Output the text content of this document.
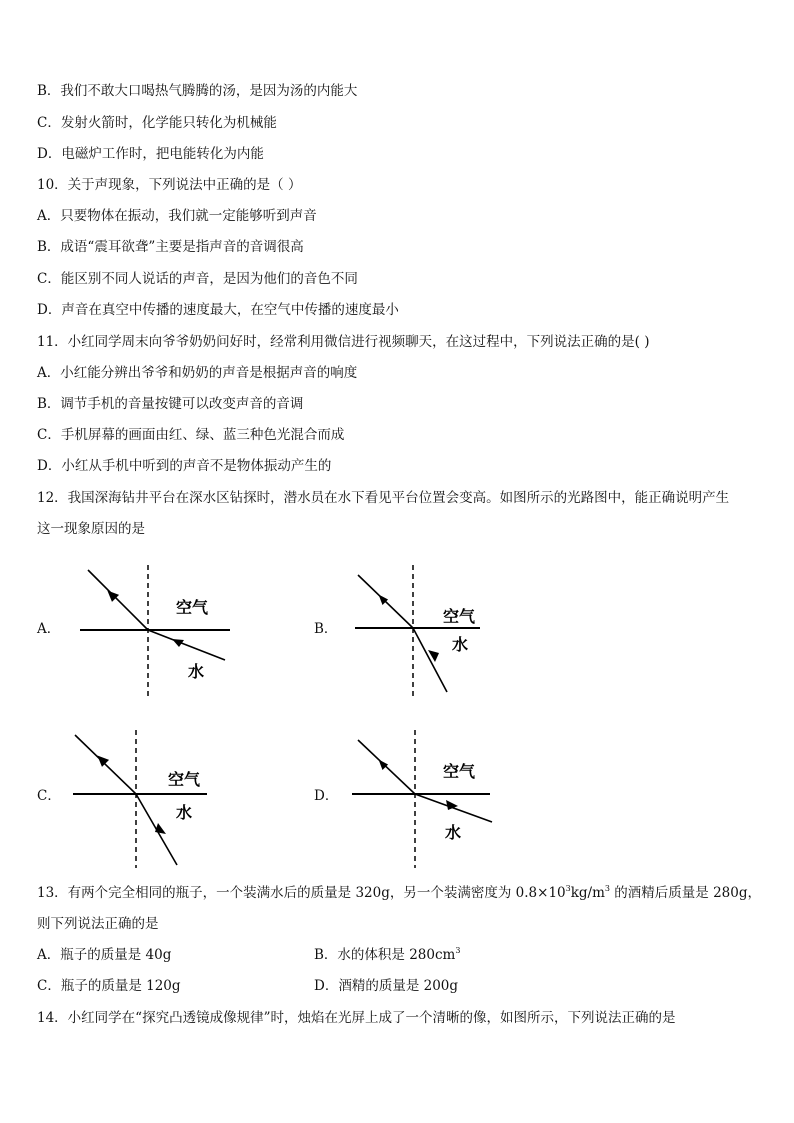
B．我们不敢大口喝热气腾腾的汤，是因为汤的内能大
C．发射火箭时，化学能只转化为机械能
D．电磁炉工作时，把电能转化为内能
10．关于声现象，下列说法中正确的是（ ）
A．只要物体在振动，我们就一定能够听到声音
B．成语“震耳欲聋”主要是指声音的音调很高
C．能区别不同人说话的声音，是因为他们的音色不同
D．声音在真空中传播的速度最大，在空气中传播的速度最小
11．小红同学周末向爷爷奶奶问好时，经常利用微信进行视频聊天，在这过程中，下列说法正确的是( )
A．小红能分辨出爷爷和奶奶的声音是根据声音的响度
B．调节手机的音量按键可以改变声音的音调
C．手机屏幕的画面由红、绿、蓝三种色光混合而成
D．小红从手机中听到的声音不是物体振动产生的
12．我国深海钻井平台在深水区钻探时，潜水员在水下看见平台位置会变高。如图所示的光路图中，能正确说明产生
这一现象原因的是
A．
空气
水
B．
空气
水
C．
空气
水
D．
空气
水
13．有两个完全相同的瓶子，一个装满水后的质量是 320g，另一个装满密度为 $0.8\times 10^3kg/m^3$ 的酒精后质量是 280g，
则下列说法正确的是
A．瓶子的质量是 40g	B．水的体积是 $280cm^3$
C．瓶子的质量是 120g	D．酒精的质量是 200g
14．小红同学在“探究凸透镜成像规律”时，烛焰在光屏上成了一个清晰的像，如图所示，下列说法正确的是
